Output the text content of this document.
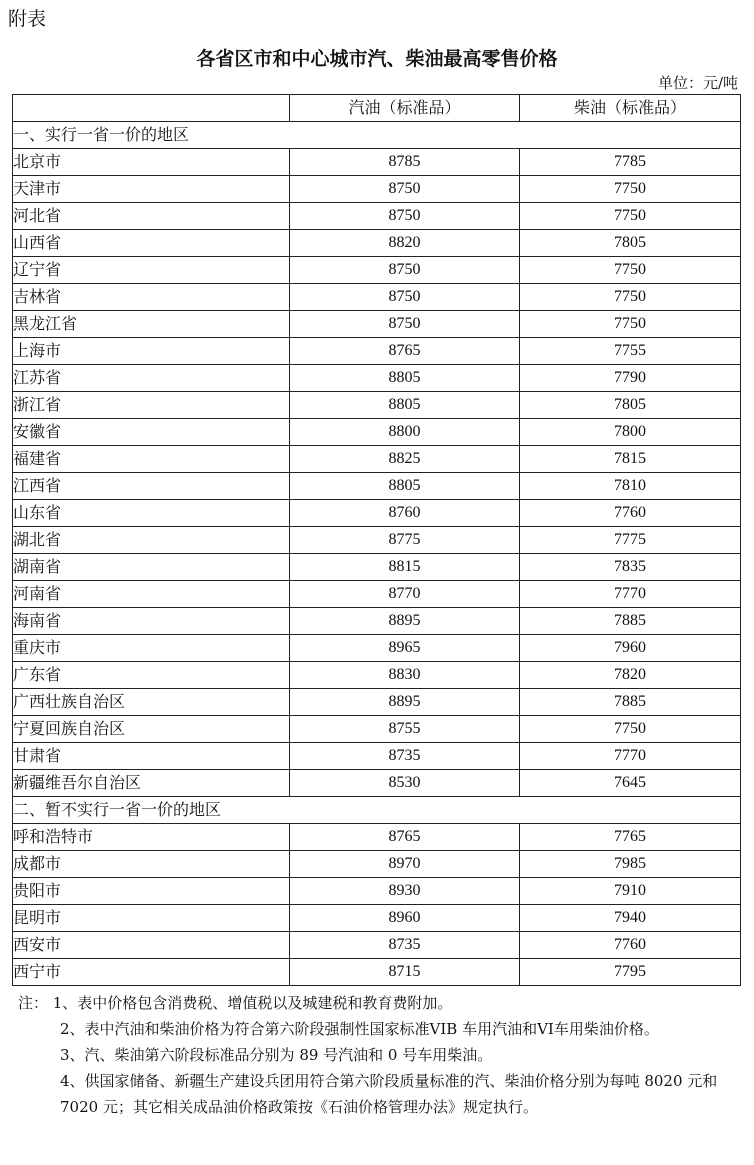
附表
各省区市和中心城市汽、柴油最高零售价格
单位：元/吨
	汽油（标准品）	柴油（标准品）
一、实行一省一价的地区		
北京市	8785	7785
天津市	8750	7750
河北省	8750	7750
山西省	8820	7805
辽宁省	8750	7750
吉林省	8750	7750
黑龙江省	8750	7750
上海市	8765	7755
江苏省	8805	7790
浙江省	8805	7805
安徽省	8800	7800
福建省	8825	7815
江西省	8805	7810
山东省	8760	7760
湖北省	8775	7775
湖南省	8815	7835
河南省	8770	7770
海南省	8895	7885
重庆市	8965	7960
广东省	8830	7820
广西壮族自治区	8895	7885
宁夏回族自治区	8755	7750
甘肃省	8735	7770
新疆维吾尔自治区	8530	7645
二、暂不实行一省一价的地区		
呼和浩特市	8765	7765
成都市	8970	7985
贵阳市	8930	7910
昆明市	8960	7940
西安市	8735	7760
西宁市	8715	7795

注： 1、表中价格包含消费税、增值税以及城建税和教育费附加。

2、表中汽油和柴油价格为符合第六阶段强制性国家标准VIB 车用汽油和VI车用柴油价格。

3、汽、柴油第六阶段标准品分别为 89 号汽油和 0 号车用柴油。

4、供国家储备、新疆生产建设兵团用符合第六阶段质量标准的汽、柴油价格分别为每吨 8020 元和 7020 元；其它相关成品油价格政策按《石油价格管理办法》规定执行。
